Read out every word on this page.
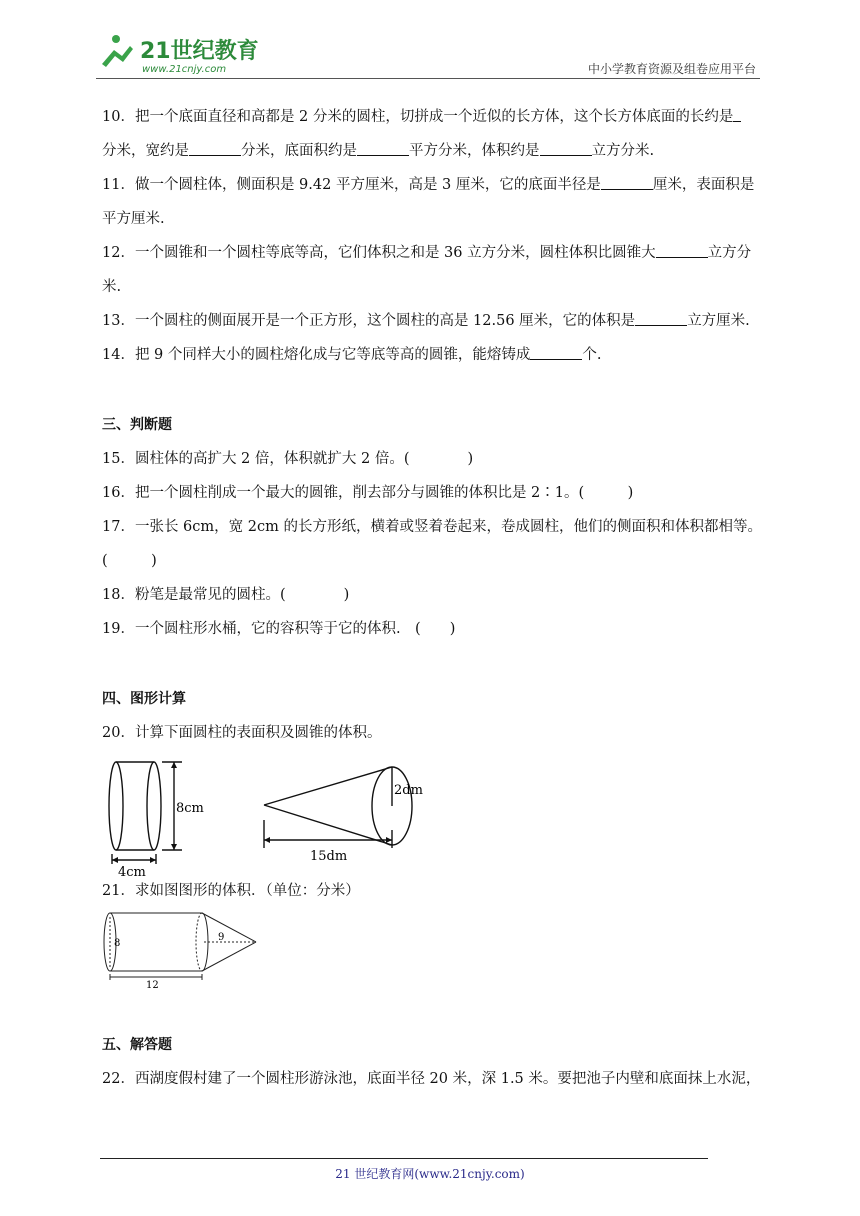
21世纪教育
www.21cnjy.com	中小学教育资源及组卷应用平台

10．把一个底面直径和高都是 2 分米的圆柱，切拼成一个近似的长方体，这个长方体底面的长约是
分米，宽约是	分米，底面积约是	平方分米，体积约是	立方分米.

11．做一个圆柱体，侧面积是 9.42 平方厘米，高是 3 厘米，它的底面半径是	厘米，表面积是
平方厘米.

12．一个圆锥和一个圆柱等底等高，它们体积之和是 36 立方分米，圆柱体积比圆锥大	立方分
米.

13．一个圆柱的侧面展开是一个正方形，这个圆柱的高是 12.56 厘米，它的体积是	立方厘米.

14．把 9 个同样大小的圆柱熔化成与它等底等高的圆锥，能熔铸成	个.

三、判断题

15．圆柱体的高扩大 2 倍，体积就扩大 2 倍。(　　　　)

16．把一个圆柱削成一个最大的圆锥，削去部分与圆锥的体积比是 2∶1。(　　　)

17．一张长 6cm，宽 2cm 的长方形纸，横着或竖着卷起来，卷成圆柱，他们的侧面积和体积都相等。
(　　　)

18．粉笔是最常见的圆柱。(　　　　)

19．一个圆柱形水桶，它的容积等于它的体积.　(　　)

四、图形计算

20．计算下面圆柱的表面积及圆锥的体积。

8cm
4cm
2dm
15dm

21．求如图图形的体积．（单位：分米）

8
9
12
五、解答题

22．西湖度假村建了一个圆柱形游泳池，底面半径 20 米，深 1.5 米。要把池子内壁和底面抹上水泥，

21 世纪教育网(www.21cnjy.com)
